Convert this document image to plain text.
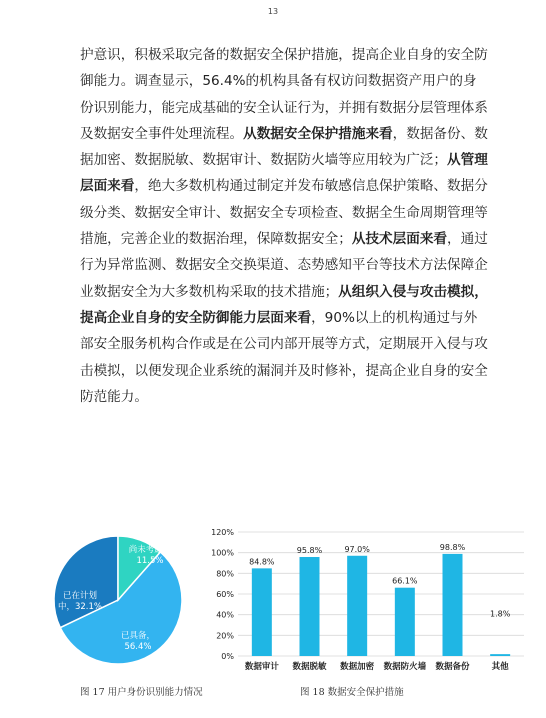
13

护意识，积极采取完备的数据安全保护措施，提高企业自身的安全防御能力。调查显示，56.4%的机构具备有权访问数据资产用户的身份识别能力，能完成基础的安全认证行为，并拥有数据分层管理体系及数据安全事件处理流程。从数据安全保护措施来看，数据备份、数据加密、数据脱敏、数据审计、数据防火墙等应用较为广泛；从管理层面来看，绝大多数机构通过制定并发布敏感信息保护策略、数据分级分类、数据安全审计、数据安全专项检查、数据全生命周期管理等措施，完善企业的数据治理，保障数据安全；从技术层面来看，通过行为异常监测、数据安全交换渠道、态势感知平台等技术方法保障企业数据安全为大多数机构采取的技术措施；从组织入侵与攻击模拟，提高企业自身的安全防御能力层面来看，90%以上的机构通过与外部安全服务机构合作或是在公司内部开展等方式，定期展开入侵与攻击模拟，以便发现企业系统的漏洞并及时修补，提高企业自身的安全防范能力。

已具备，
56.4%
已在计划
中，32.1%
尚未考虑，
11.5%
0%
20%
40%
60%
80%
100%
120%
84.8%
数据审计
95.8%
数据脱敏
97.0%
数据加密
66.1%
数据防火墙
98.8%
数据备份
1.8%
其他
图 17 用户身份识别能力情况	图 18 数据安全保护措施
